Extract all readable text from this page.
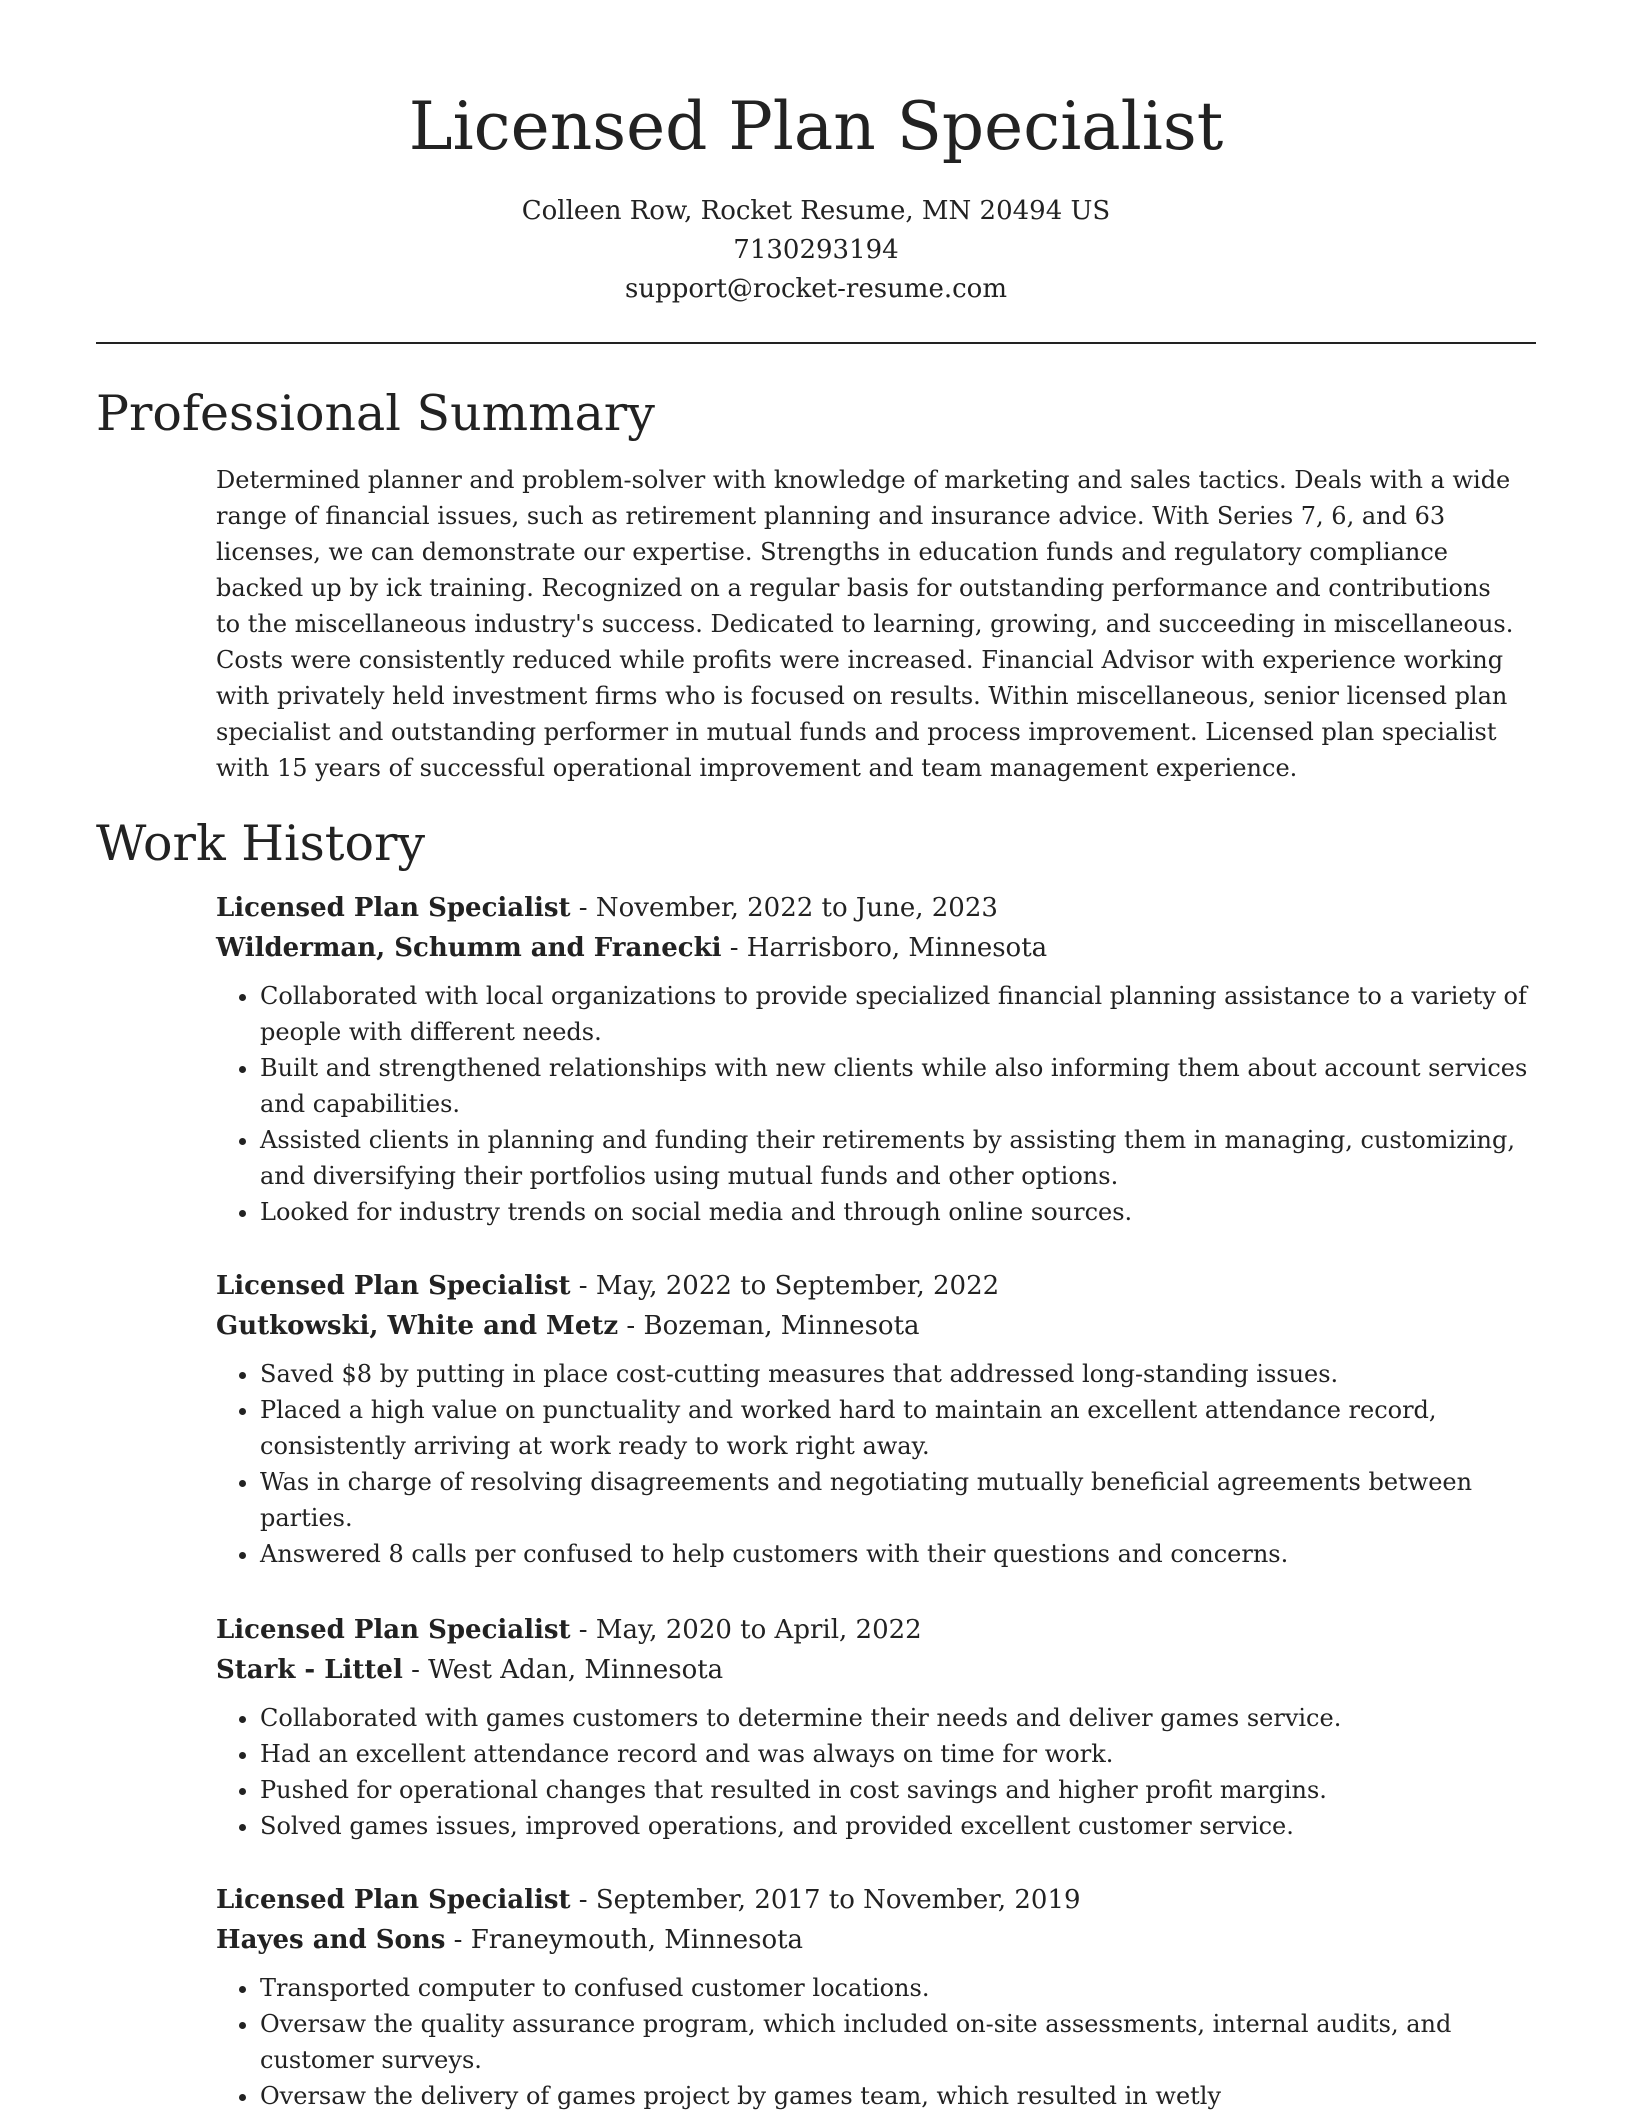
Licensed Plan Specialist
Colleen Row, Rocket Resume, MN 20494 US
7130293194
support@rocket-resume.com
Professional Summary

Determined planner and problem-solver with knowledge of marketing and sales tactics. Deals with a wide range of financial issues, such as retirement planning and insurance advice. With Series 7, 6, and 63 licenses, we can demonstrate our expertise. Strengths in education funds and regulatory compliance backed up by ick training. Recognized on a regular basis for outstanding performance and contributions to the miscellaneous industry's success. Dedicated to learning, growing, and succeeding in miscellaneous. Costs were consistently reduced while profits were increased. Financial Advisor with experience working with privately held investment firms who is focused on results. Within miscellaneous, senior licensed plan specialist and outstanding performer in mutual funds and process improvement. Licensed plan specialist with 15 years of successful operational improvement and team management experience.

Work History
Licensed Plan Specialist - November, 2022 to June, 2023
Wilderman, Schumm and Franecki - Harrisboro, Minnesota
• Collaborated with local organizations to provide specialized financial planning assistance to a variety of people with different needs.
• Built and strengthened relationships with new clients while also informing them about account services and capabilities.
• Assisted clients in planning and funding their retirements by assisting them in managing, customizing, and diversifying their portfolios using mutual funds and other options.
• Looked for industry trends on social media and through online sources.
Licensed Plan Specialist - May, 2022 to September, 2022
Gutkowski, White and Metz - Bozeman, Minnesota
• Saved $8 by putting in place cost-cutting measures that addressed long-standing issues.
• Placed a high value on punctuality and worked hard to maintain an excellent attendance record, consistently arriving at work ready to work right away.
• Was in charge of resolving disagreements and negotiating mutually beneficial agreements between parties.
• Answered 8 calls per confused to help customers with their questions and concerns.
Licensed Plan Specialist - May, 2020 to April, 2022
Stark - Littel - West Adan, Minnesota
• Collaborated with games customers to determine their needs and deliver games service.
• Had an excellent attendance record and was always on time for work.
• Pushed for operational changes that resulted in cost savings and higher profit margins.
• Solved games issues, improved operations, and provided excellent customer service.
Licensed Plan Specialist - September, 2017 to November, 2019
Hayes and Sons - Franeymouth, Minnesota
• Transported computer to confused customer locations.
• Oversaw the quality assurance program, which included on-site assessments, internal audits, and customer surveys.
• Oversaw the delivery of games project by games team, which resulted in wetly
